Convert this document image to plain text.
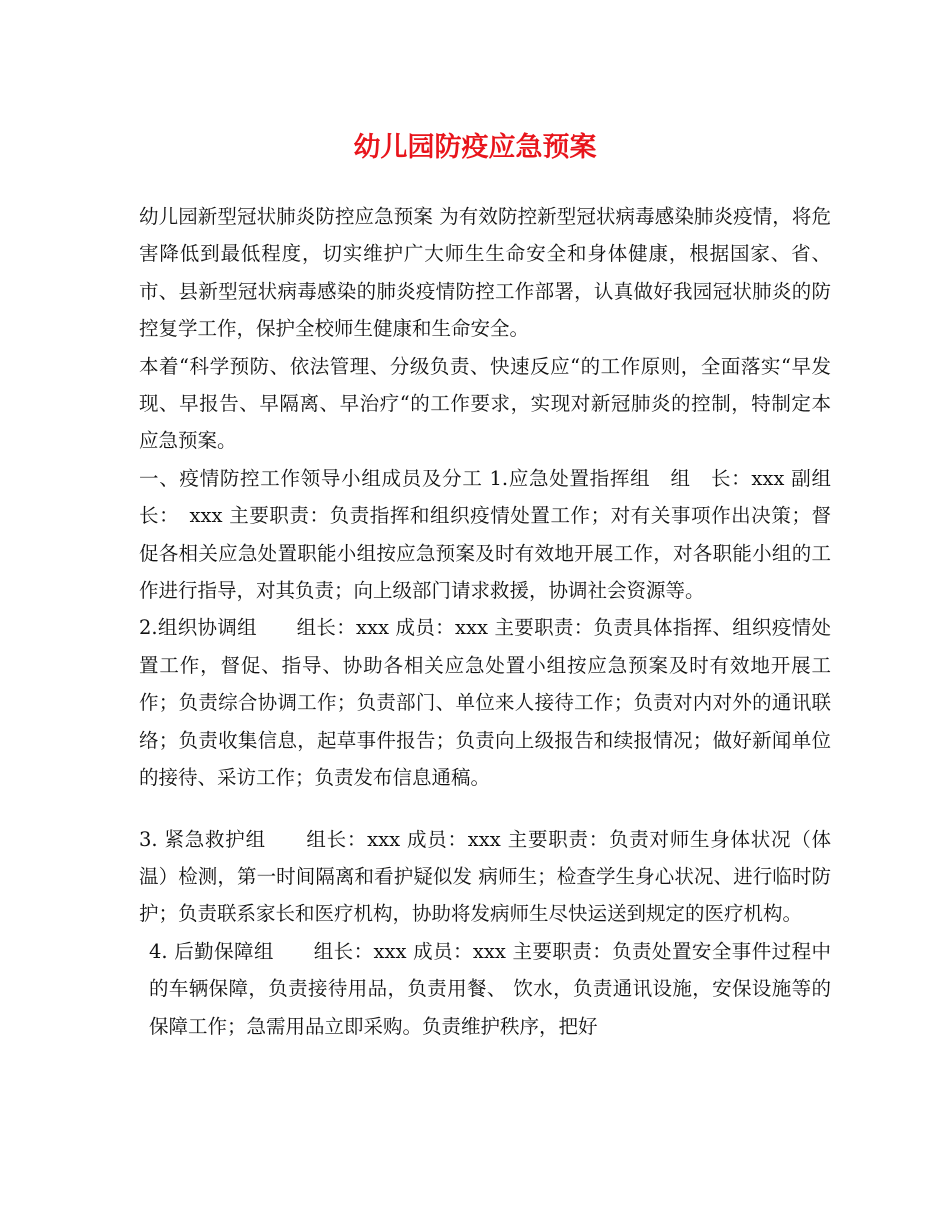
幼儿园防疫应急预案

幼儿园新型冠状肺炎防控应急预案 为有效防控新型冠状病毒感染肺炎疫情，将危害降低到最低程度，切实维护广大师生生命安全和身体健康，根据国家、省、市、县新型冠状病毒感染的肺炎疫情防控工作部署，认真做好我园冠状肺炎的防控复学工作，保护全校师生健康和生命安全。

本着“科学预防、依法管理、分级负责、快速反应“的工作原则，全面落实“早发现、早报告、早隔离、早治疗“的工作要求，实现对新冠肺炎的控制，特制定本应急预案。

一、疫情防控工作领导小组成员及分工 1.应急处置指挥组　组　长：xxx 副组长：　xxx 主要职责：负责指挥和组织疫情处置工作；对有关事项作出决策；督促各相关应急处置职能小组按应急预案及时有效地开展工作，对各职能小组的工作进行指导，对其负责；向上级部门请求救援，协调社会资源等。

2.组织协调组　　组长：xxx 成员：xxx 主要职责：负责具体指挥、组织疫情处置工作，督促、指导、协助各相关应急处置小组按应急预案及时有效地开展工作；负责综合协调工作；负责部门、单位来人接待工作；负责对内对外的通讯联络；负责收集信息，起草事件报告；负责向上级报告和续报情况；做好新闻单位的接待、采访工作；负责发布信息通稿。

3. 紧急救护组　　组长：xxx 成员：xxx 主要职责：负责对师生身体状况（体温）检测，第一时间隔离和看护疑似发 病师生；检查学生身心状况、进行临时防护；负责联系家长和医疗机构，协助将发病师生尽快运送到规定的医疗机构。

4. 后勤保障组　　组长：xxx 成员：xxx 主要职责：负责处置安全事件过程中的车辆保障，负责接待用品，负责用餐、 饮水，负责通讯设施，安保设施等的保障工作；急需用品立即采购。负责维护秩序，把好
